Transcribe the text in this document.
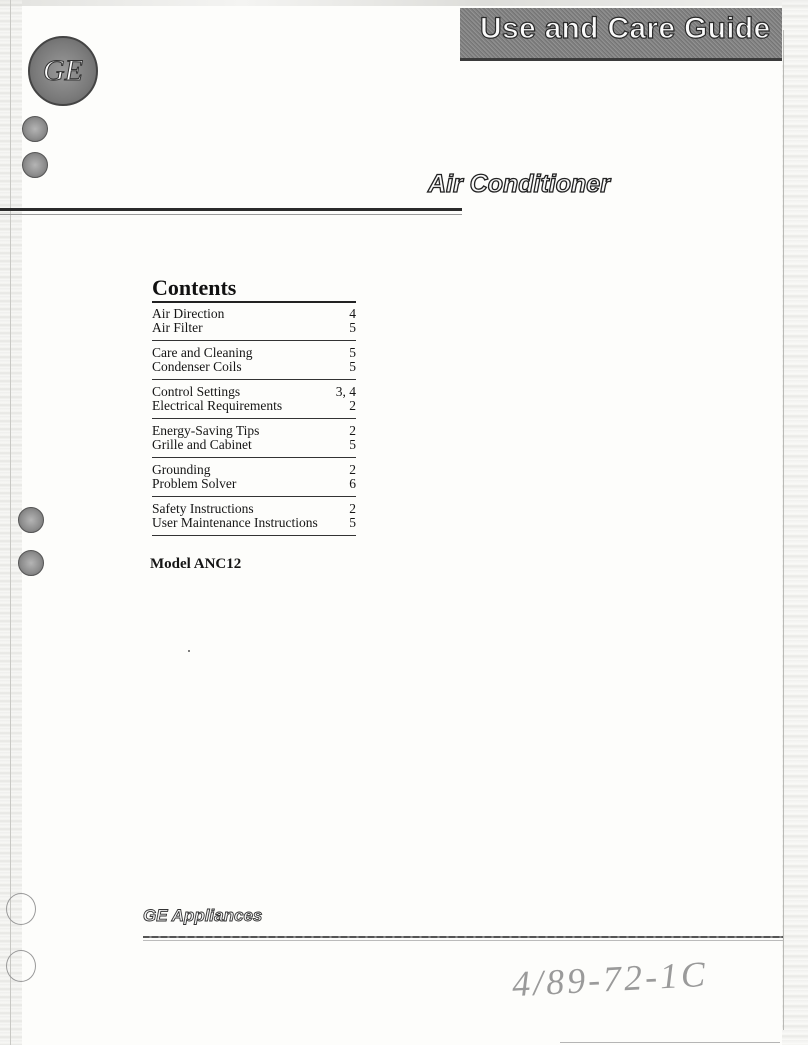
Use and Care Guide
GE
Air Conditioner
Contents
Air Direction	4
Air Filter	5
Care and Cleaning	5
Condenser Coils	5
Control Settings	3, 4
Electrical Requirements	2
Energy-Saving Tips	2
Grille and Cabinet	5
Grounding	2
Problem Solver	6
Safety Instructions	2
User Maintenance Instructions 5
Model ANC12
GE Appliances
4/89-72-1C
